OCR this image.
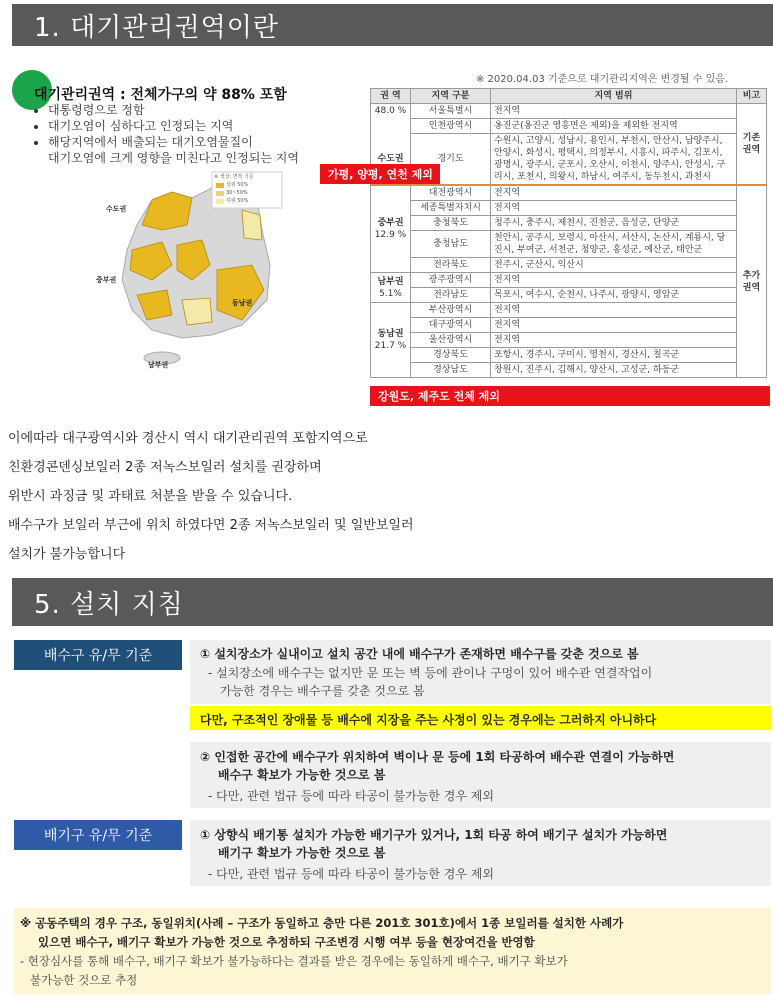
1. 대기관리권역이란
대기관리권역 : 전체가구의 약 88% 포함
• 대통령령으로 정함
• 대기오염이 심하다고 인정되는 지역
• 해당지역에서 배출되는 대기오염물질이
대기오염에 크게 영향을 미친다고 인정되는 지역
※ 2020.04.03 기준으로 대기관리지역은 변경될 수 있음.
※ 색상: 면적 기준
상위 50%
30~50%
하위 50%
수도권
중부권
동남권
남부권
권 역	지역 구분	지역 범위	비고
48.0 %	서울특별시	전지역	기존 권역
	인천광역시	옹진군(옹진군 영흥면은 제외)을 제외한 전지역	
수도권	경기도	수원시, 고양시, 성남시, 용인시, 부천시, 안산시, 남양주시, 안양시, 화성시, 평택시, 의정부시, 시흥시, 파주시, 김포시, 광명시, 광주시, 군포시, 오산시, 이천시, 양주시, 안성시, 구리시, 포천시, 의왕시, 하남시, 여주시, 동두천시, 과천시	
중부권
12.9 %	대전광역시	전지역	추가 권역
	세종특별자치시	전지역	
	충청북도	청주시, 충주시, 제천시, 진천군, 음성군, 단양군	
	충청남도	천안시, 공주시, 보령시, 아산시, 서산시, 논산시, 계룡시, 당진시, 부여군, 서천군, 청양군, 홍성군, 예산군, 태안군	
	전라북도	전주시, 군산시, 익산시	
남부권
5.1%	광주광역시	전지역	
	전라남도	목포시, 여수시, 순천시, 나주시, 광양시, 영암군	
동남권
21.7 %	부산광역시	전지역	
	대구광역시	전지역	
	울산광역시	전지역	
	경상북도	포항시, 경주시, 구미시, 영천시, 경산시, 칠곡군	
	경상남도	창원시, 진주시, 김해시, 양산시, 고성군, 하동군	
가평, 양평, 연천 제외
강원도, 제주도 전체 제외
이에따라 대구광역시와 경산시 역시 대기관리권역 포함지역으로
친환경콘덴싱보일러 2종 저녹스보일러 설치를 권장하며
위반시 과징금 및 과태료 처분을 받을 수 있습니다.
배수구가 보일러 부근에 위치 하였다면 2종 저녹스보일러 및 일반보일러
설치가 불가능합니다
5. 설치 지침
배수구 유/무 기준	① 설치장소가 실내이고 설치 공간 내에 배수구가 존재하면 배수구를 갖춘 것으로 봄
- 설치장소에 배수구는 없지만 문 또는 벽 등에 관이나 구멍이 있어 배수관 연결작업이
가능한 경우는 배수구를 갖춘 것으로 봄
다만, 구조적인 장애물 등 배수에 지장을 주는 사정이 있는 경우에는 그러하지 아니하다
② 인접한 공간에 배수구가 위치하여 벽이나 문 등에 1회 타공하여 배수관 연결이 가능하면
배수구 확보가 가능한 것으로 봄
- 다만, 관련 법규 등에 따라 타공이 불가능한 경우 제외
배기구 유/무 기준	① 상향식 배기통 설치가 가능한 배기구가 있거나, 1회 타공 하여 배기구 설치가 가능하면
배기구 확보가 가능한 것으로 봄
- 다만, 관련 법규 등에 따라 타공이 불가능한 경우 제외
※ 공동주택의 경우 구조, 동일위치(사례 – 구조가 동일하고 층만 다른 201호 301호)에서 1종 보일러를 설치한 사례가
있으면 배수구, 배기구 확보가 가능한 것으로 추정하되 구조변경 시행 여부 등을 현장여건을 반영함
- 현장심사를 통해 배수구, 배기구 확보가 불가능하다는 결과를 받은 경우에는 동일하게 배수구, 배기구 확보가
불가능한 것으로 추정
